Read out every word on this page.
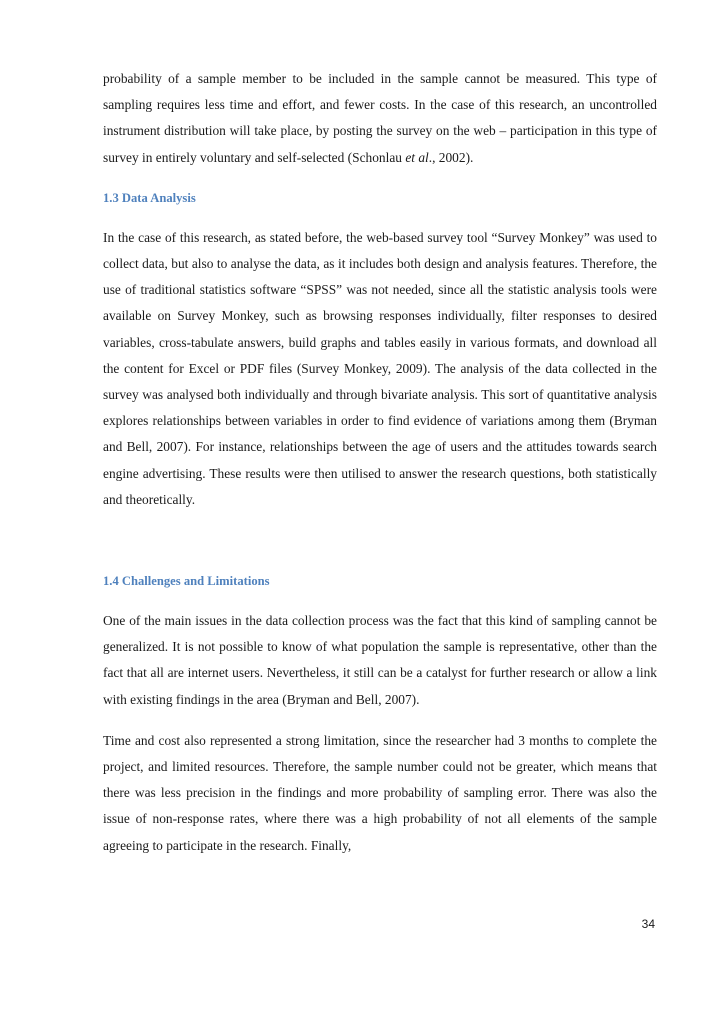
probability of a sample member to be included in the sample cannot be measured. This type of sampling requires less time and effort, and fewer costs. In the case of this research, an uncontrolled instrument distribution will take place, by posting the survey on the web – participation in this type of survey in entirely voluntary and self-selected (Schonlau et al., 2002).

1.3 Data Analysis

In the case of this research, as stated before, the web-based survey tool “Survey Monkey” was used to collect data, but also to analyse the data, as it includes both design and analysis features. Therefore, the use of traditional statistics software “SPSS” was not needed, since all the statistic analysis tools were available on Survey Monkey, such as browsing responses individually, filter responses to desired variables, cross-tabulate answers, build graphs and tables easily in various formats, and download all the content for Excel or PDF files (Survey Monkey, 2009). The analysis of the data collected in the survey was analysed both individually and through bivariate analysis. This sort of quantitative analysis explores relationships between variables in order to find evidence of variations among them (Bryman and Bell, 2007). For instance, relationships between the age of users and the attitudes towards search engine advertising. These results were then utilised to answer the research questions, both statistically and theoretically.

1.4 Challenges and Limitations

One of the main issues in the data collection process was the fact that this kind of sampling cannot be generalized. It is not possible to know of what population the sample is representative, other than the fact that all are internet users. Nevertheless, it still can be a catalyst for further research or allow a link with existing findings in the area (Bryman and Bell, 2007).

Time and cost also represented a strong limitation, since the researcher had 3 months to complete the project, and limited resources. Therefore, the sample number could not be greater, which means that there was less precision in the findings and more probability of sampling error. There was also the issue of non-response rates, where there was a high probability of not all elements of the sample agreeing to participate in the research. Finally,

34
